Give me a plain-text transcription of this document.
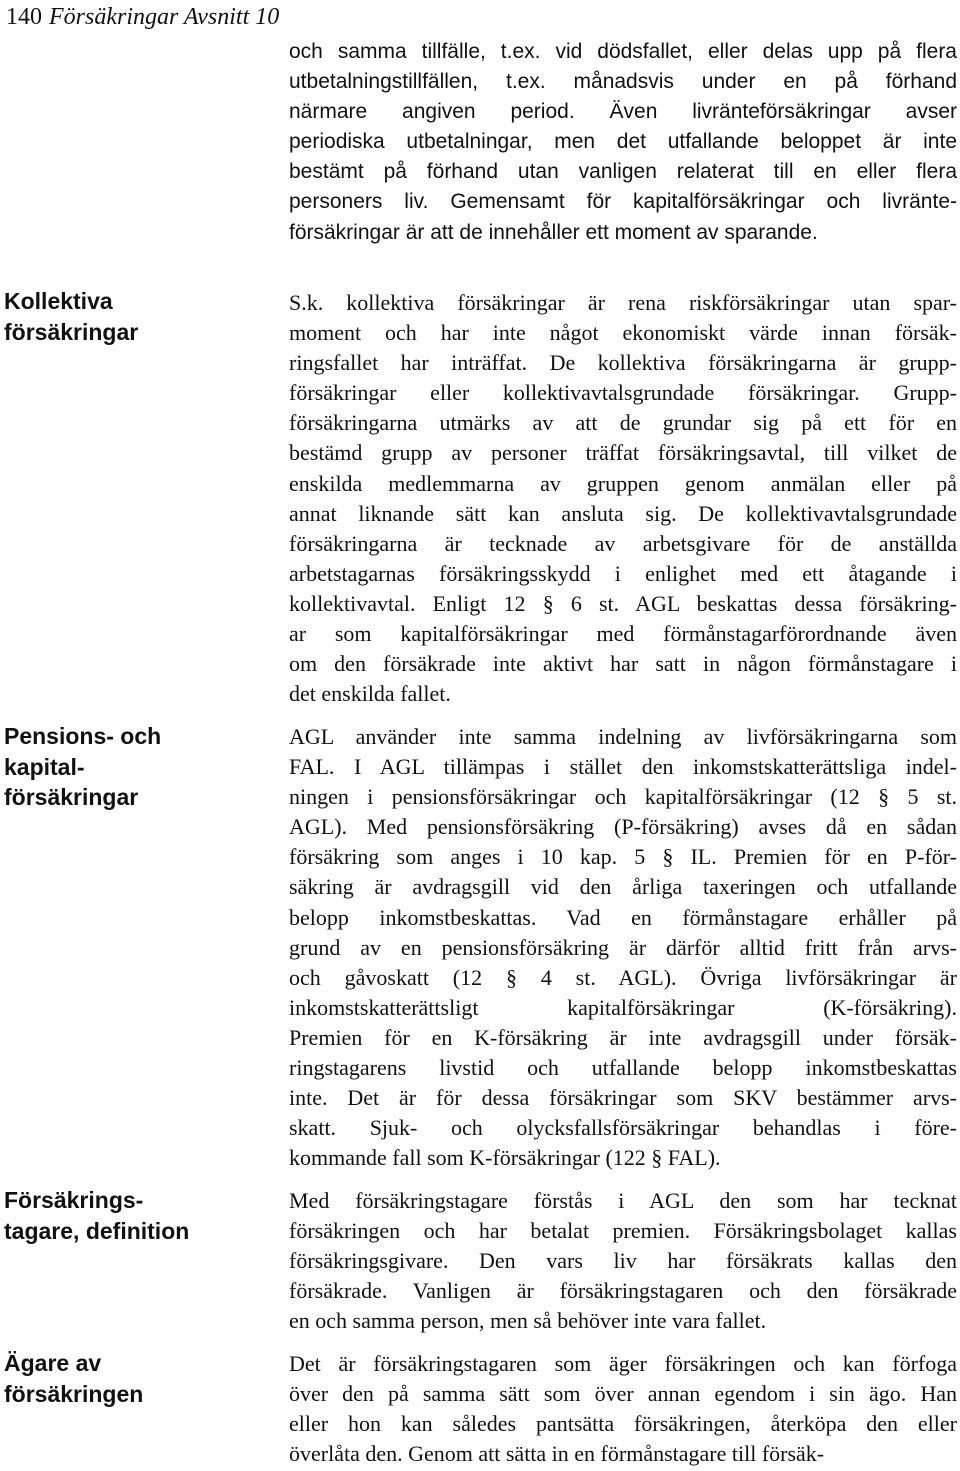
140 Försäkringar Avsnitt 10
Kollektiva
försäkringar
Pensions- och
kapital-
försäkringar
Försäkrings-
tagare, definition
Ägare av
försäkringen
och samma tillfälle, t.ex. vid dödsfallet, eller delas upp på flera
utbetalningstillfällen, t.ex. månadsvis under en på förhand
närmare angiven period. Även livränteförsäkringar avser
periodiska utbetalningar, men det utfallande beloppet är inte
bestämt på förhand utan vanligen relaterat till en eller flera
personers liv. Gemensamt för kapitalförsäkringar och livränte-
försäkringar är att de innehåller ett moment av sparande.
S.k. kollektiva försäkringar är rena riskförsäkringar utan spar-
moment och har inte något ekonomiskt värde innan försäk-
ringsfallet har inträffat. De kollektiva försäkringarna är grupp-
försäkringar eller kollektivavtalsgrundade försäkringar. Grupp-
försäkringarna utmärks av att de grundar sig på ett för en
bestämd grupp av personer träffat försäkringsavtal, till vilket de
enskilda medlemmarna av gruppen genom anmälan eller på
annat liknande sätt kan ansluta sig. De kollektivavtalsgrundade
försäkringarna är tecknade av arbetsgivare för de anställda
arbetstagarnas försäkringsskydd i enlighet med ett åtagande i
kollektivavtal. Enligt 12 § 6 st. AGL beskattas dessa försäkring-
ar som kapitalförsäkringar med förmånstagarförordnande även
om den försäkrade inte aktivt har satt in någon förmånstagare i
det enskilda fallet.
AGL använder inte samma indelning av livförsäkringarna som
FAL. I AGL tillämpas i stället den inkomstskatterättsliga indel-
ningen i pensionsförsäkringar och kapitalförsäkringar (12 § 5 st.
AGL). Med pensionsförsäkring (P-försäkring) avses då en sådan
försäkring som anges i 10 kap. 5 § IL. Premien för en P-för-
säkring är avdragsgill vid den årliga taxeringen och utfallande
belopp inkomstbeskattas. Vad en förmånstagare erhåller på
grund av en pensionsförsäkring är därför alltid fritt från arvs-
och gåvoskatt (12 § 4 st. AGL). Övriga livförsäkringar är
inkomstskatterättsligt kapitalförsäkringar (K-försäkring).
Premien för en K-försäkring är inte avdragsgill under försäk-
ringstagarens livstid och utfallande belopp inkomstbeskattas
inte. Det är för dessa försäkringar som SKV bestämmer arvs-
skatt. Sjuk- och olycksfallsförsäkringar behandlas i före-
kommande fall som K-försäkringar (122 § FAL).
Med försäkringstagare förstås i AGL den som har tecknat
försäkringen och har betalat premien. Försäkringsbolaget kallas
försäkringsgivare. Den vars liv har försäkrats kallas den
försäkrade. Vanligen är försäkringstagaren och den försäkrade
en och samma person, men så behöver inte vara fallet.
Det är försäkringstagaren som äger försäkringen och kan förfoga
över den på samma sätt som över annan egendom i sin ägo. Han
eller hon kan således pantsätta försäkringen, återköpa den eller
överlåta den. Genom att sätta in en förmånstagare till försäk-
